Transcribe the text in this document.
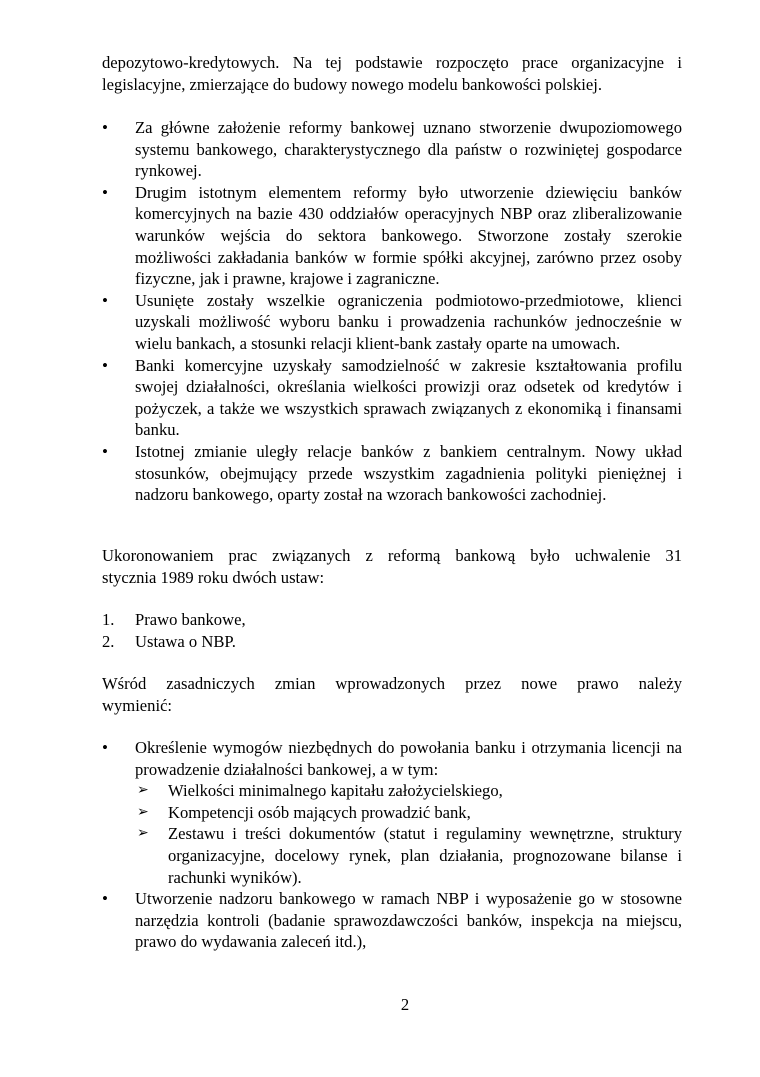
depozytowo-kredytowych. Na tej podstawie rozpoczęto prace organizacyjne i
legislacyjne, zmierzające do budowy nowego modelu bankowości polskiej.

• Za główne założenie reformy bankowej uznano stworzenie dwupoziomowego systemu bankowego, charakterystycznego dla państw o rozwiniętej gospodarce rynkowej.
• Drugim istotnym elementem reformy było utworzenie dziewięciu banków komercyjnych na bazie 430 oddziałów operacyjnych NBP oraz zliberalizowanie warunków wejścia do sektora bankowego. Stworzone zostały szerokie możliwości zakładania banków w formie spółki akcyjnej, zarówno przez osoby fizyczne, jak i prawne, krajowe i zagraniczne.
• Usunięte zostały wszelkie ograniczenia podmiotowo-przedmiotowe, klienci uzyskali możliwość wyboru banku i prowadzenia rachunków jednocześnie w wielu bankach, a stosunki relacji klient-bank zastały oparte na umowach.
• Banki komercyjne uzyskały samodzielność w zakresie kształtowania profilu swojej działalności, określania wielkości prowizji oraz odsetek od kredytów i pożyczek, a także we wszystkich sprawach związanych z ekonomiką i finansami banku.
• Istotnej zmianie uległy relacje banków z bankiem centralnym. Nowy układ stosunków, obejmujący przede wszystkim zagadnienia polityki pieniężnej i nadzoru bankowego, oparty został na wzorach bankowości zachodniej.

Ukoronowaniem prac związanych z reformą bankową było uchwalenie 31
stycznia 1989 roku dwóch ustaw:

1. Prawo bankowe,
2. Ustawa o NBP.

Wśród zasadniczych zmian wprowadzonych przez nowe prawo należy
wymienić:

• Określenie wymogów niezbędnych do powołania banku i otrzymania licencji na prowadzenie działalności bankowej, a w tym:
➢ Wielkości minimalnego kapitału założycielskiego,
➢ Kompetencji osób mających prowadzić bank,
➢ Zestawu i treści dokumentów (statut i regulaminy wewnętrzne, struktury organizacyjne, docelowy rynek, plan działania, prognozowane bilanse i rachunki wyników).
• Utworzenie nadzoru bankowego w ramach NBP i wyposażenie go w stosowne narzędzia kontroli (badanie sprawozdawczości banków, inspekcja na miejscu, prawo do wydawania zaleceń itd.),
2
